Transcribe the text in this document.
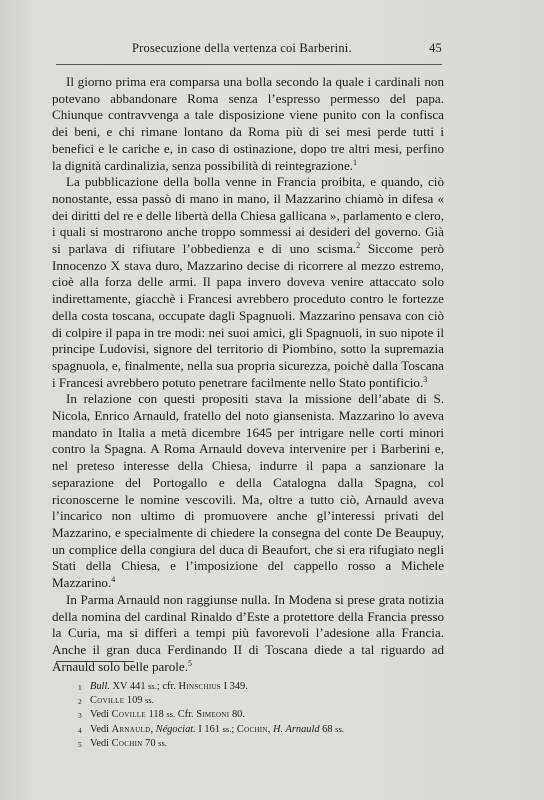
Prosecuzione della vertenza coi Barberini.	45

Il giorno prima era comparsa una bolla secondo la quale i cardinali non potevano abbandonare Roma senza l’espresso permesso del papa. Chiunque contravvenga a tale disposizione viene punito con la confisca dei beni, e chi rimane lontano da Roma più di sei mesi perde tutti i benefici e le cariche e, in caso di ostinazione, dopo tre altri mesi, perfino la dignità cardinalizia, senza possibilità di reintegrazione.$^1$

La pubblicazione della bolla venne in Francia proibita, e quando, ciò nonostante, essa passò di mano in mano, il Mazzarino chiamò in difesa « dei diritti del re e delle libertà della Chiesa gallicana », parlamento e clero, i quali si mostrarono anche troppo sommessi ai desideri del governo. Già si parlava di rifiutare l’obbedienza e di uno scisma.$^2$ Siccome però Innocenzo X stava duro, Mazzarino decise di ricorrere al mezzo estremo, cioè alla forza delle armi. Il papa invero doveva venire attaccato solo indirettamente, giacchè i Francesi avrebbero proceduto contro le fortezze della costa toscana, occupate dagli Spagnuoli. Mazzarino pensava con ciò di colpire il papa in tre modi: nei suoi amici, gli Spagnuoli, in suo nipote il principe Ludovisi, signore del territorio di Piombino, sotto la supremazia spagnuola, e, finalmente, nella sua propria sicurezza, poichè dalla Toscana i Francesi avrebbero potuto penetrare facilmente nello Stato pontificio.$^3$

In relazione con questi propositi stava la missione dell’abate di S. Nicola, Enrico Arnauld, fratello del noto giansenista. Mazzarino lo aveva mandato in Italia a metà dicembre 1645 per intrigare nelle corti minori contro la Spagna. A Roma Arnauld doveva intervenire per i Barberini e, nel preteso interesse della Chiesa, indurre il papa a sanzionare la separazione del Portogallo e della Catalogna dalla Spagna, col riconoscerne le nomine vescovili. Ma, oltre a tutto ciò, Arnauld aveva l’incarico non ultimo di promuovere anche gl’interessi privati del Mazzarino, e specialmente di chiedere la consegna del conte De Beaupuy, un complice della congiura del duca di Beaufort, che si era rifugiato negli Stati della Chiesa, e l’imposizione del cappello rosso a Michele Mazzarino.$^4$

In Parma Arnauld non raggiunse nulla. In Modena si prese grata notizia della nomina del cardinal Rinaldo d’Este a protettore della Francia presso la Curia, ma si differì a tempi più favorevoli l’adesione alla Francia. Anche il gran duca Ferdinando II di Toscana diede a tal riguardo ad Arnauld solo belle parole.$^5$

1 Bull. XV 441 ss.; cfr. Hinschius I 349.
2 Coville 109 ss.
3 Vedi Coville 118 ss. Cfr. Simeoni 80.
4 Vedi Arnauld, Négociat. I 161 ss.; Cochin, H. Arnauld 68 ss.
5 Vedi Cochin 70 ss.
